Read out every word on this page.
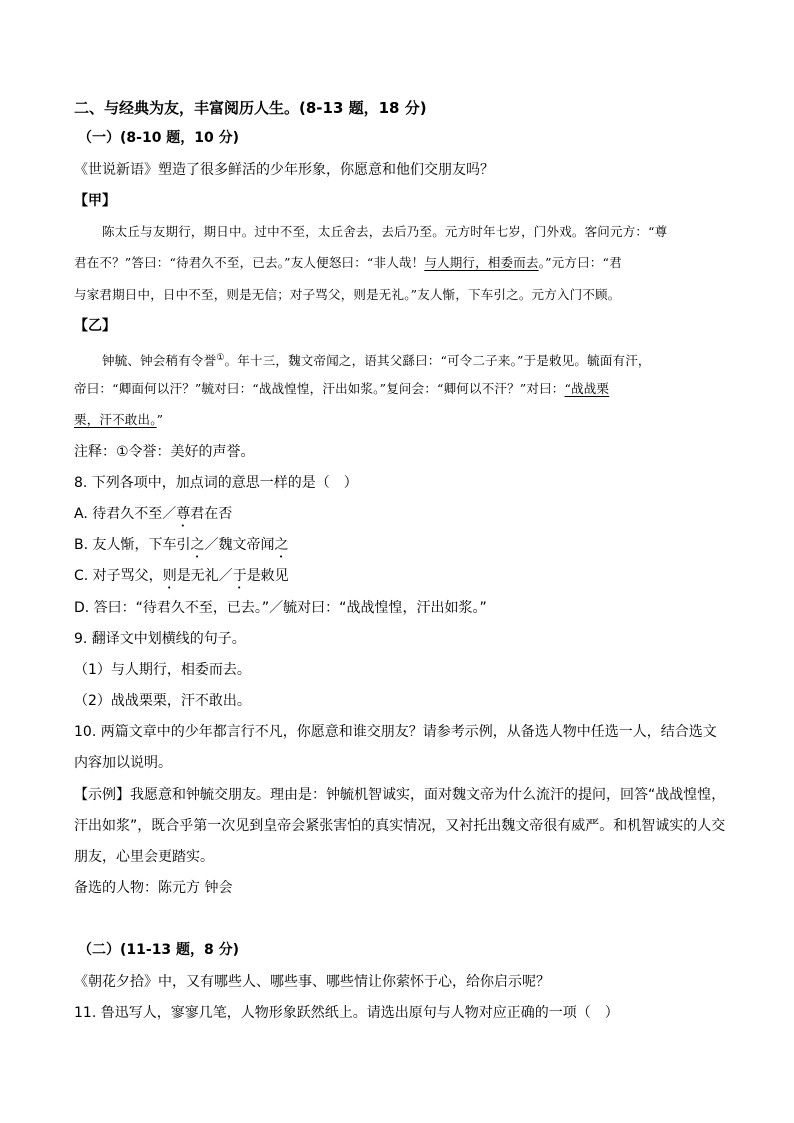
二、与经典为友，丰富阅历人生。(8-13 题，18 分)
（一）(8-10 题，10 分)
《世说新语》塑造了很多鲜活的少年形象，你愿意和他们交朋友吗？
【甲】
陈太丘与友期行，期日中。过中不至，太丘舍去，去后乃至。元方时年七岁，门外戏。客问元方：“尊
君在不？”答曰：“待君久不至，已去。”友人便怒曰：“非人哉！与人期行，相委而去。”元方曰：“君
与家君期日中，日中不至，则是无信；对子骂父，则是无礼。”友人惭，下车引之。元方入门不顾。
【乙】
钟毓、钟会稍有令誉①。年十三，魏文帝闻之，语其父繇曰：“可令二子来。”于是敕见。毓面有汗，
帝曰：“卿面何以汗？”毓对曰：“战战惶惶，汗出如浆。”复问会：“卿何以不汗？”对曰：“战战栗
栗，汗不敢出。”
注释：①令誉：美好的声誉。
8. 下列各项中，加点词的意思一样的是（　）
A. 待君久不至／尊君在否
B. 友人惭，下车引之／魏文帝闻之
C. 对子骂父，则是无礼／于是敕见
D. 答曰：“待君久不至，已去。”／毓对曰：“战战惶惶，汗出如浆。”
9. 翻译文中划横线的句子。
（1）与人期行，相委而去。
（2）战战栗栗，汗不敢出。
10. 两篇文章中的少年都言行不凡，你愿意和谁交朋友？请参考示例，从备选人物中任选一人，结合选文
内容加以说明。
【示例】我愿意和钟毓交朋友。理由是：钟毓机智诚实，面对魏文帝为什么流汗的提问，回答“战战惶惶，
汗出如浆”，既合乎第一次见到皇帝会紧张害怕的真实情况，又衬托出魏文帝很有威严。和机智诚实的人交
朋友，心里会更踏实。
备选的人物：陈元方 钟会
（二）(11-13 题，8 分)
《朝花夕拾》中，又有哪些人、哪些事、哪些情让你萦怀于心，给你启示呢？
11. 鲁迅写人，寥寥几笔，人物形象跃然纸上。请选出原句与人物对应正确的一项（　）
